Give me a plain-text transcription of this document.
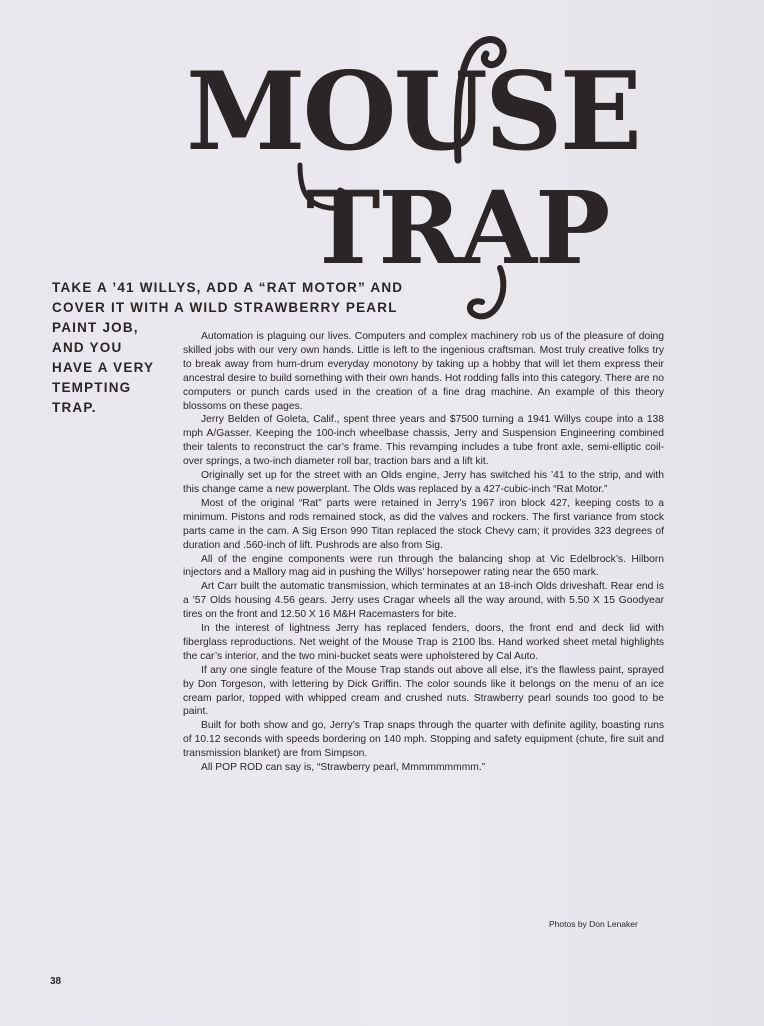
MOUSE
TRAP
TAKE A ’41 WILLYS, ADD A “RAT MOTOR” AND
COVER IT WITH A WILD STRAWBERRY PEARL
PAINT JOB,
AND YOU
HAVE A VERY
TEMPTING
TRAP.

Automation is plaguing our lives. Computers and complex machinery rob us of the pleasure of doing skilled jobs with our very own hands. Little is left to the ingenious craftsman. Most truly creative folks try to break away from hum-drum everyday monotony by taking up a hobby that will let them express their ancestral desire to build something with their own hands. Hot rodding falls into this category. There are no computers or punch cards used in the creation of a fine drag machine. An example of this theory blossoms on these pages.

Jerry Belden of Goleta, Calif., spent three years and $7500 turning a 1941 Willys coupe into a 138 mph A/Gasser. Keeping the 100-inch wheelbase chassis, Jerry and Suspension Engineering combined their talents to reconstruct the car’s frame. This revamping includes a tube front axle, semi-elliptic coil-over springs, a two-inch diameter roll bar, traction bars and a lift kit.

Originally set up for the street with an Olds engine, Jerry has switched his ’41 to the strip, and with this change came a new powerplant. The Olds was replaced by a 427-cubic-inch “Rat Motor.”

Most of the original “Rat” parts were retained in Jerry’s 1967 iron block 427, keeping costs to a minimum. Pistons and rods remained stock, as did the valves and rockers. The first variance from stock parts came in the cam. A Sig Erson 990 Titan replaced the stock Chevy cam; it provides 323 degrees of duration and .560-inch of lift. Pushrods are also from Sig.

All of the engine components were run through the balancing shop at Vic Edelbrock’s. Hilborn injectors and a Mallory mag aid in pushing the Willys’ horsepower rating near the 650 mark.

Art Carr built the automatic transmission, which terminates at an 18-inch Olds driveshaft. Rear end is a ’57 Olds housing 4.56 gears. Jerry uses Cragar wheels all the way around, with 5.50 X 15 Goodyear tires on the front and 12.50 X 16 M&H Racemasters for bite.

In the interest of lightness Jerry has replaced fenders, doors, the front end and deck lid with fiberglass reproductions. Net weight of the Mouse Trap is 2100 lbs. Hand worked sheet metal highlights the car’s interior, and the two mini-bucket seats were upholstered by Cal Auto.

If any one single feature of the Mouse Trap stands out above all else, it’s the flawless paint, sprayed by Don Torgeson, with lettering by Dick Griffin. The color sounds like it belongs on the menu of an ice cream parlor, topped with whipped cream and crushed nuts. Strawberry pearl sounds too good to be paint.

Built for both show and go, Jerry’s Trap snaps through the quarter with definite agility, boasting runs of 10.12 seconds with speeds bordering on 140 mph. Stopping and safety equipment (chute, fire suit and transmission blanket) are from Simpson.

All POP ROD can say is, “Strawberry pearl, Mmmmmmmmm.”

Photos by Don Lenaker
38
